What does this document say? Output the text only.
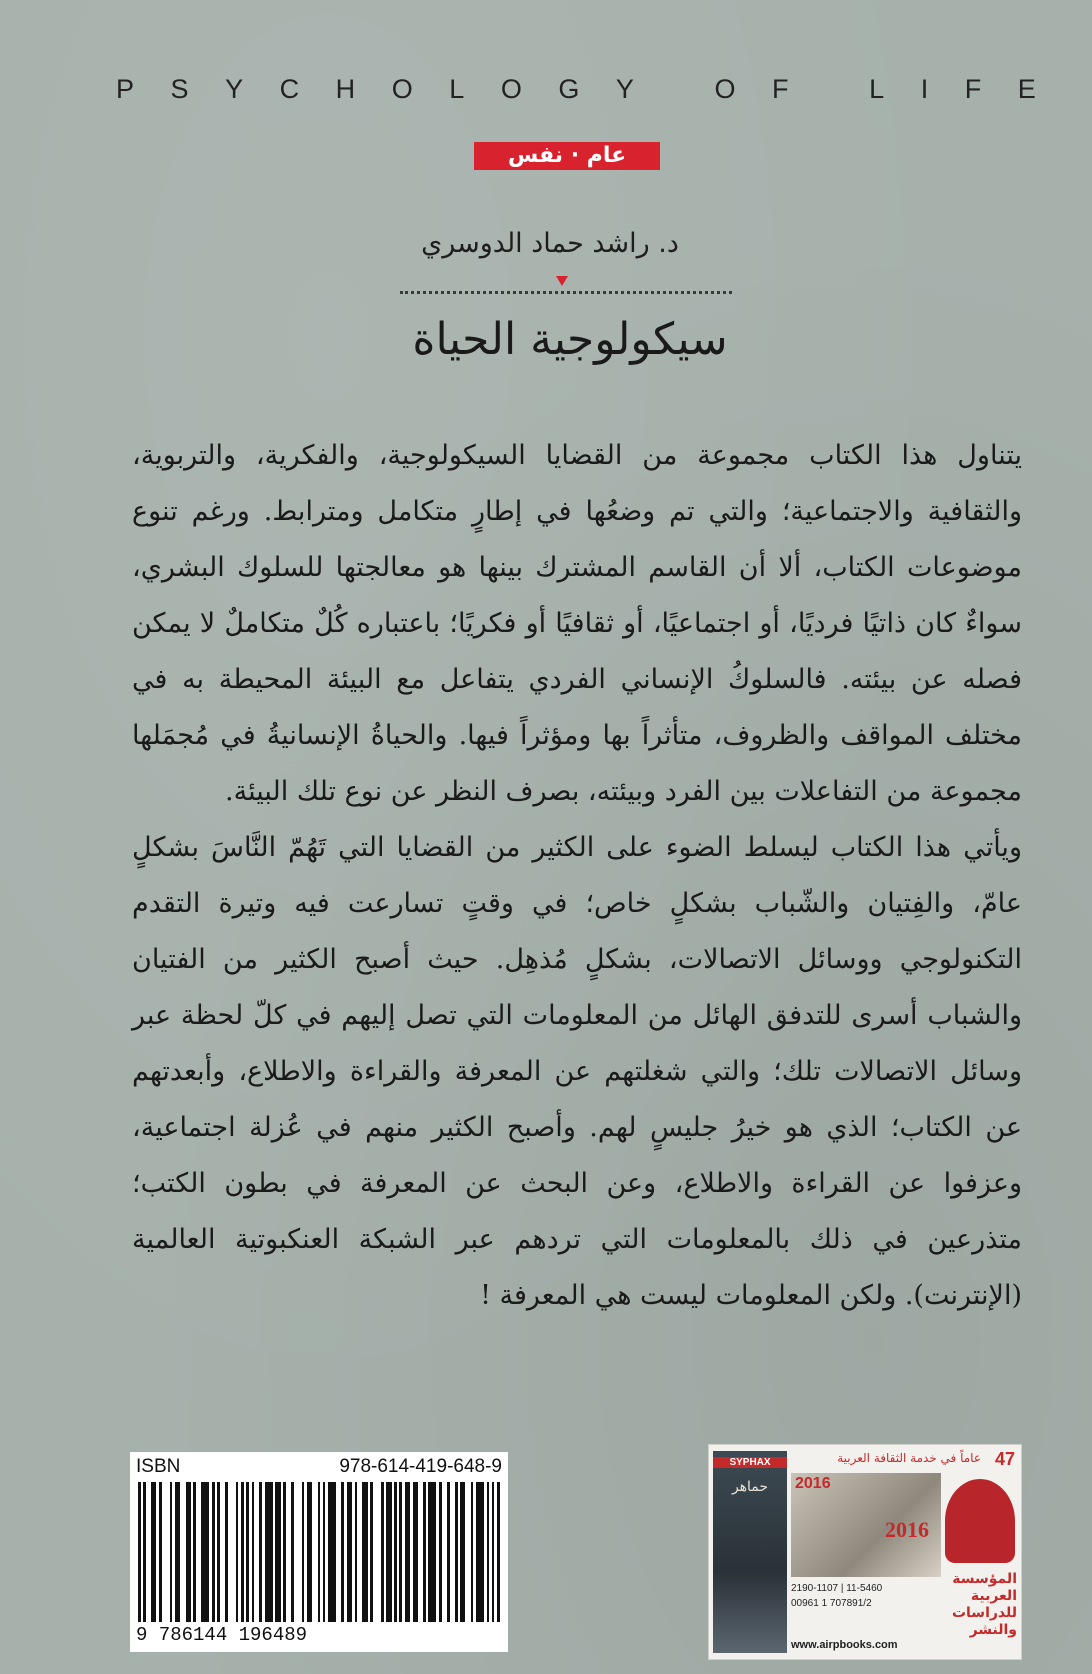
P S Y C H O L O G Y
	O F
	L I F E
عام · نفس
د. راشد حماد الدوسري
سيكولوجية الحياة

يتناول هذا الكتاب مجموعة من القضايا السيكولوجية، والفكرية، والتربوية، والثقافية والاجتماعية؛ والتي تم وضعُها في إطارٍ متكامل ومترابط. ورغم تنوع موضوعات الكتاب، ألا أن القاسم المشترك بينها هو معالجتها للسلوك البشري، سواءٌ كان ذاتيًا فرديًا، أو اجتماعيًا، أو ثقافيًا أو فكريًا؛ باعتباره كُلٌ متكاملٌ لا يمكن فصله عن بيئته. فالسلوكُ الإنساني الفردي يتفاعل مع البيئة المحيطة به في مختلف المواقف والظروف، متأثراً بها ومؤثراً فيها. والحياةُ الإنسانيةُ في مُجمَلها مجموعة من التفاعلات بين الفرد وبيئته، بصرف النظر عن نوع تلك البيئة.

ويأتي هذا الكتاب ليسلط الضوء على الكثير من القضايا التي تَهُمّ النَّاسَ بشكلٍ عامّ، والفِتيان والشّباب بشكلٍ خاص؛ في وقتٍ تسارعت فيه وتيرة التقدم التكنولوجي ووسائل الاتصالات، بشكلٍ مُذهِل. حيث أصبح الكثير من الفتيان والشباب أسرى للتدفق الهائل من المعلومات التي تصل إليهم في كلّ لحظة عبر وسائل الاتصالات تلك؛ والتي شغلتهم عن المعرفة والقراءة والاطلاع، وأبعدتهم عن الكتاب؛ الذي هو خيرُ جليسٍ لهم. وأصبح الكثير منهم في عُزلة اجتماعية، وعزفوا عن القراءة والاطلاع، وعن البحث عن المعرفة في بطون الكتب؛ متذرعين في ذلك بالمعلومات التي تردهم عبر الشبكة العنكبوتية العالمية (الإنترنت). ولكن المعلومات ليست هي المعرفة !

ISBN	978-614-419-648-9
9 786144 196489
SYPHAX
حماهر
47
عاماً في خدمة الثقافة العربية
2016
2016
المؤسسة
العربية
للدراسات
والنشر
2190-1107 | 11-5460
00961 1 707891/2
www.airpbooks.com
